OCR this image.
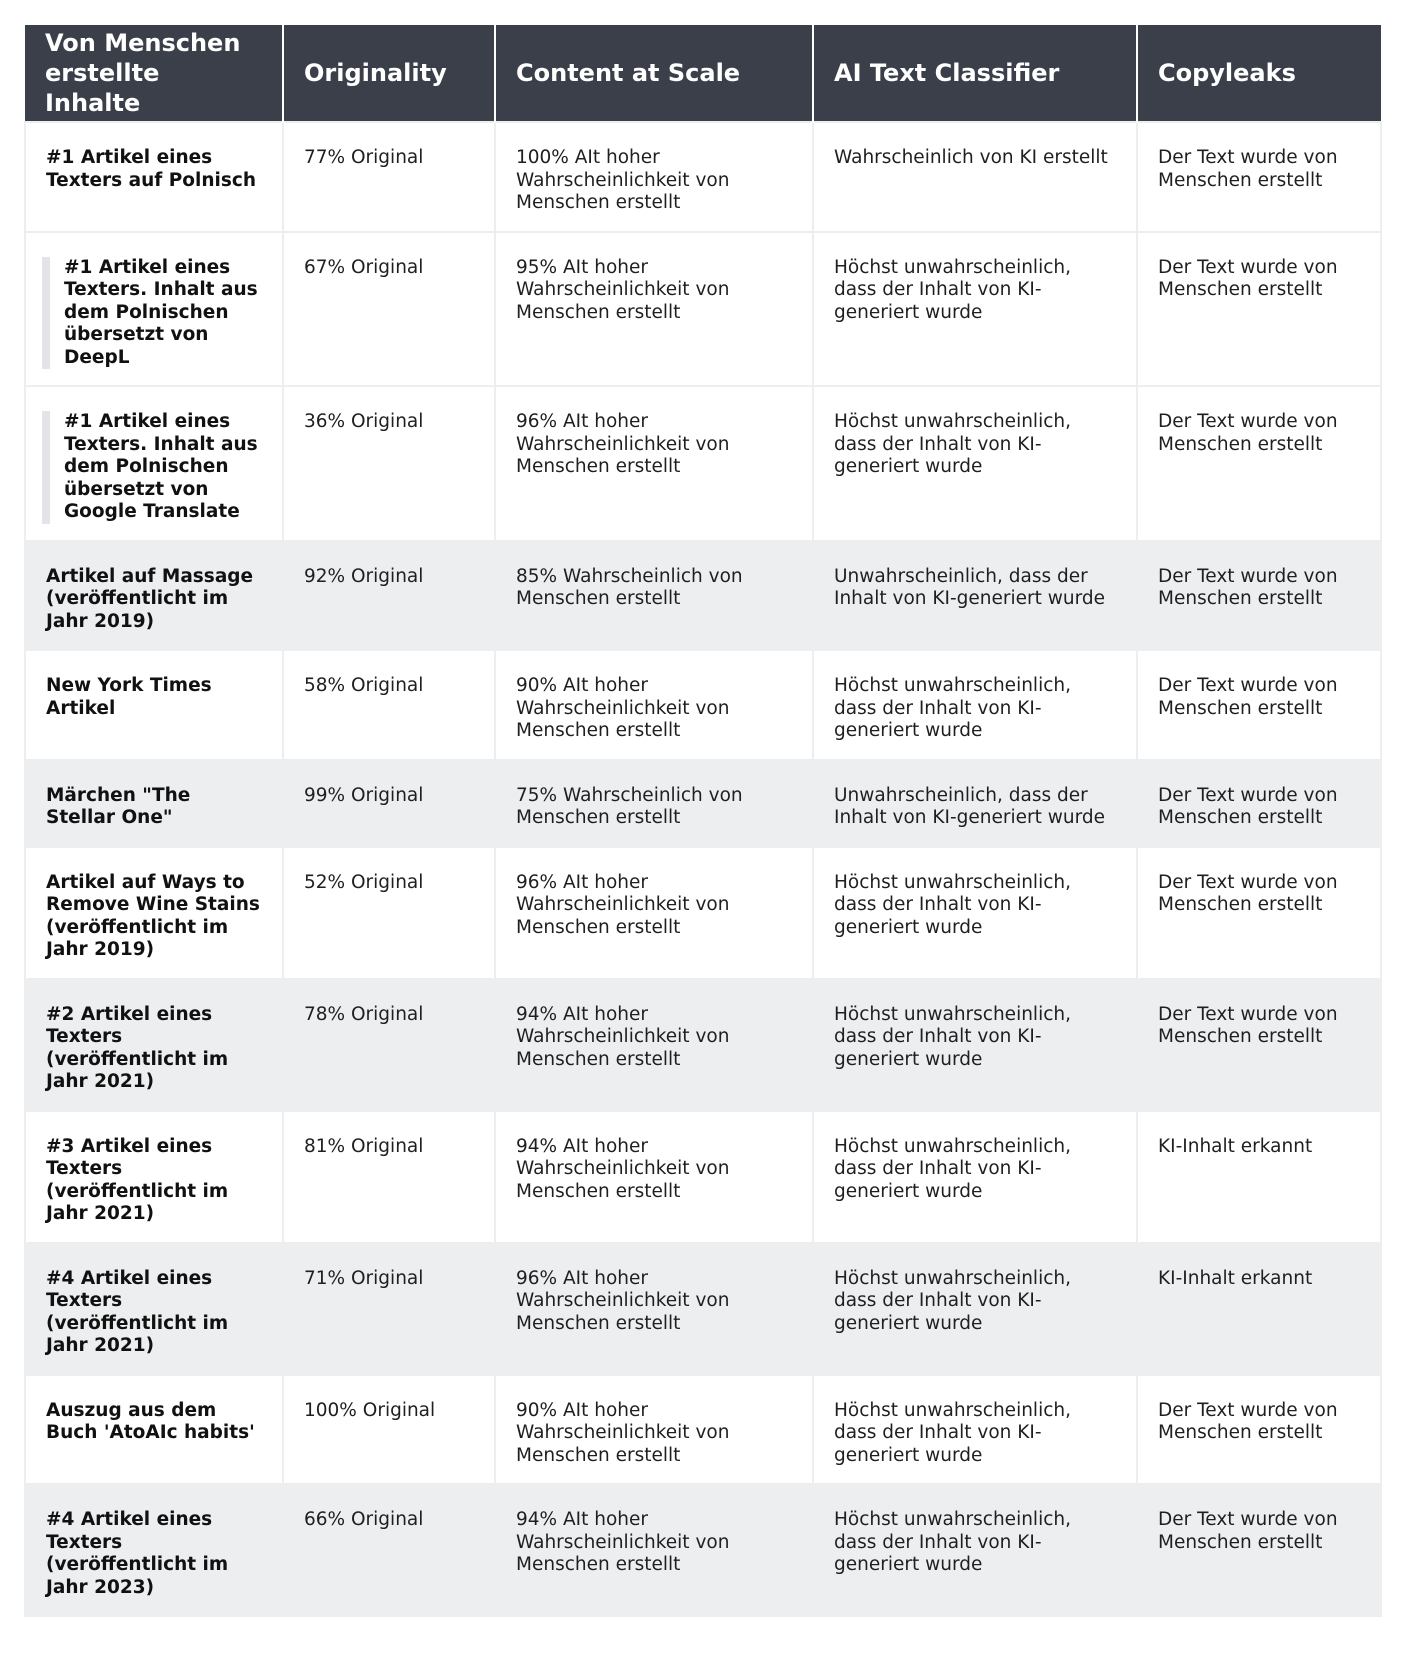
Von Menschen erstellte Inhalte	Originality	Content at Scale	AI Text Classifier	Copyleaks
#1 Artikel eines Texters auf Polnisch	77% Original	100% AIt hoher Wahrscheinlichkeit von Menschen erstellt	Wahrscheinlich von KI erstellt	Der Text wurde von Menschen erstellt

#1 Artikel eines Texters. Inhalt aus dem Polnischen übersetzt von DeepL	67% Original	95% AIt hoher Wahrscheinlichkeit von Menschen erstellt	Höchst unwahrscheinlich, dass der Inhalt von KI-generiert wurde	Der Text wurde von Menschen erstellt

#1 Artikel eines Texters. Inhalt aus dem Polnischen übersetzt von Google Translate	36% Original	96% AIt hoher Wahrscheinlichkeit von Menschen erstellt	Höchst unwahrscheinlich, dass der Inhalt von KI-generiert wurde	Der Text wurde von Menschen erstellt
Artikel auf Massage (veröffentlicht im Jahr 2019)	92% Original	85% Wahrscheinlich von Menschen erstellt	Unwahrscheinlich, dass der Inhalt von KI-generiert wurde	Der Text wurde von Menschen erstellt
New York Times Artikel	58% Original	90% AIt hoher Wahrscheinlichkeit von Menschen erstellt	Höchst unwahrscheinlich, dass der Inhalt von KI-generiert wurde	Der Text wurde von Menschen erstellt
Märchen "The Stellar One"	99% Original	75% Wahrscheinlich von Menschen erstellt	Unwahrscheinlich, dass der Inhalt von KI-generiert wurde	Der Text wurde von Menschen erstellt
Artikel auf Ways to Remove Wine Stains (veröffentlicht im Jahr 2019)	52% Original	96% AIt hoher Wahrscheinlichkeit von Menschen erstellt	Höchst unwahrscheinlich, dass der Inhalt von KI-generiert wurde	Der Text wurde von Menschen erstellt
#2 Artikel eines Texters (veröffentlicht im Jahr 2021)	78% Original	94% AIt hoher Wahrscheinlichkeit von Menschen erstellt	Höchst unwahrscheinlich, dass der Inhalt von KI-generiert wurde	Der Text wurde von Menschen erstellt
#3 Artikel eines Texters (veröffentlicht im Jahr 2021)	81% Original	94% AIt hoher Wahrscheinlichkeit von Menschen erstellt	Höchst unwahrscheinlich, dass der Inhalt von KI-generiert wurde	KI-Inhalt erkannt
#4 Artikel eines Texters (veröffentlicht im Jahr 2021)	71% Original	96% AIt hoher Wahrscheinlichkeit von Menschen erstellt	Höchst unwahrscheinlich, dass der Inhalt von KI-generiert wurde	KI-Inhalt erkannt
Auszug aus dem Buch 'AtoAIc habits'	100% Original	90% AIt hoher Wahrscheinlichkeit von Menschen erstellt	Höchst unwahrscheinlich, dass der Inhalt von KI-generiert wurde	Der Text wurde von Menschen erstellt
#4 Artikel eines Texters (veröffentlicht im Jahr 2023)	66% Original	94% AIt hoher Wahrscheinlichkeit von Menschen erstellt	Höchst unwahrscheinlich, dass der Inhalt von KI-generiert wurde	Der Text wurde von Menschen erstellt
